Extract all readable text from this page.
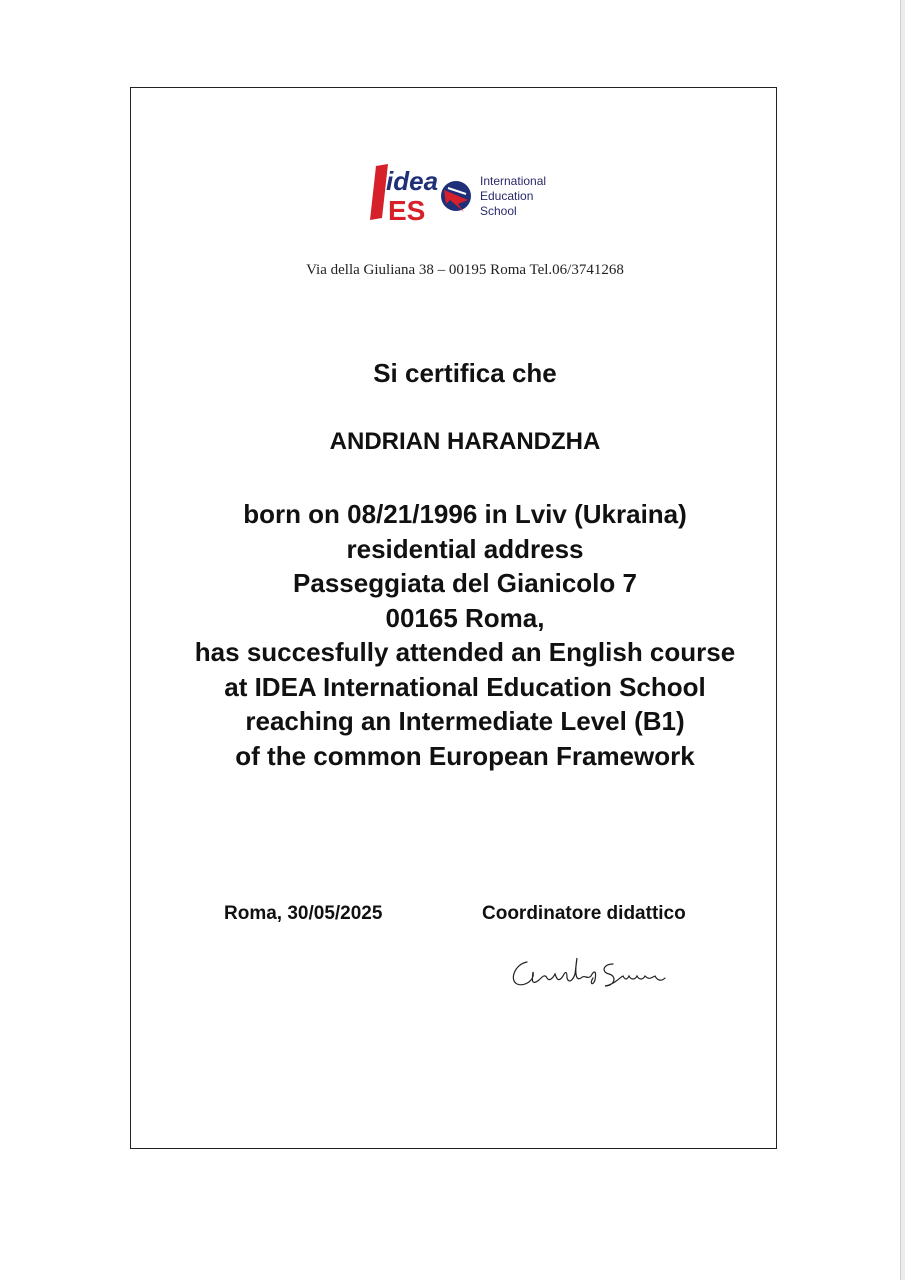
idea
ES
International
Education
School
Via della Giuliana 38 – 00195 Roma Tel.06/3741268
Si certifica che
ANDRIAN HARANDZHA
born on 08/21/1996 in Lviv (Ukraina)
residential address
Passeggiata del Gianicolo 7
00165 Roma,
has succesfully attended an English course
at IDEA International Education School
reaching an Intermediate Level (B1)
of the common European Framework
Roma, 30/05/2025	Coordinatore didattico
